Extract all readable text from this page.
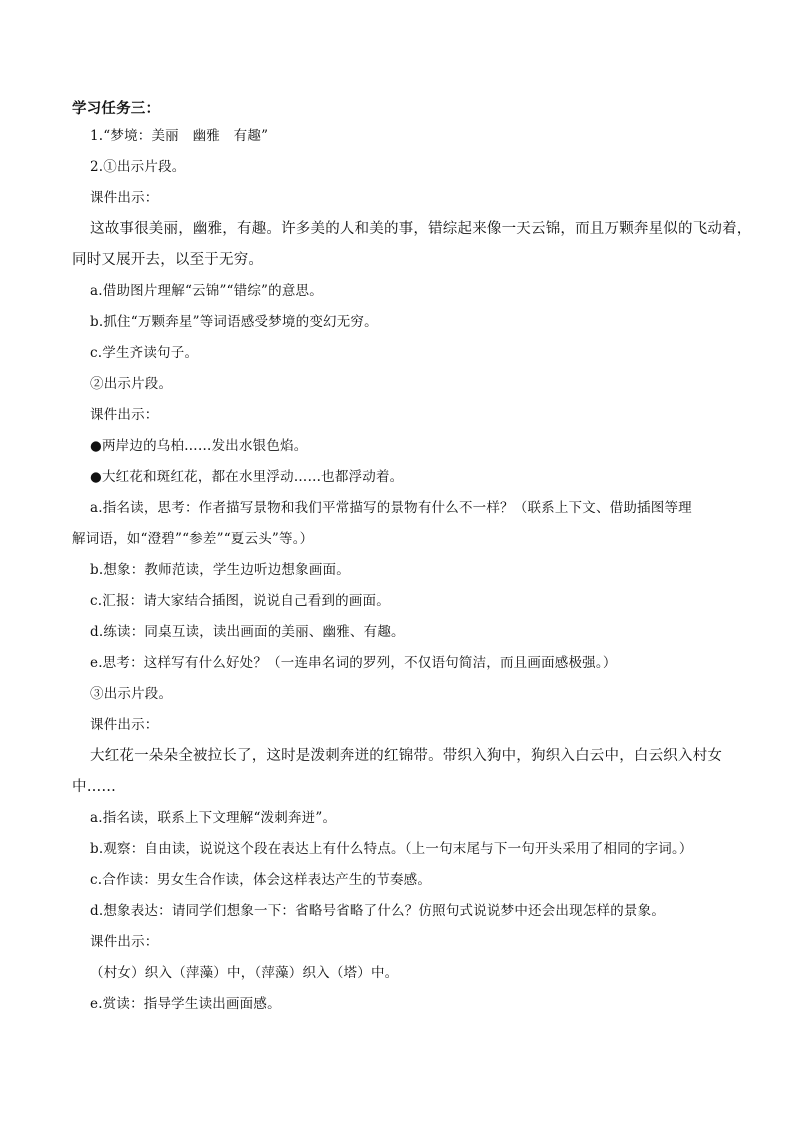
学习任务三：
1.“梦境：美丽　幽雅　有趣”
2.①出示片段。
课件出示：
这故事很美丽，幽雅，有趣。许多美的人和美的事，错综起来像一天云锦，而且万颗奔星似的飞动着，
同时又展开去，以至于无穷。
a.借助图片理解“云锦”“错综”的意思。
b.抓住“万颗奔星”等词语感受梦境的变幻无穷。
c.学生齐读句子。
②出示片段。
课件出示：
●两岸边的乌柏……发出水银色焰。
●大红花和斑红花，都在水里浮动……也都浮动着。
a.指名读，思考：作者描写景物和我们平常描写的景物有什么不一样？（联系上下文、借助插图等理
解词语，如“澄碧”“参差”“夏云头”等。）
b.想象：教师范读，学生边听边想象画面。
c.汇报：请大家结合插图，说说自己看到的画面。
d.练读：同桌互读，读出画面的美丽、幽雅、有趣。
e.思考：这样写有什么好处？（一连串名词的罗列，不仅语句简洁，而且画面感极强。）
③出示片段。
课件出示：
大红花一朵朵全被拉长了，这时是泼刺奔迸的红锦带。带织入狗中，狗织入白云中，白云织入村女
中……
a.指名读，联系上下文理解“泼刺奔迸”。
b.观察：自由读，说说这个段在表达上有什么特点。（上一句末尾与下一句开头采用了相同的字词。）
c.合作读：男女生合作读，体会这样表达产生的节奏感。
d.想象表达：请同学们想象一下：省略号省略了什么？仿照句式说说梦中还会出现怎样的景象。
课件出示：
（村女）织入（萍藻）中，（萍藻）织入（塔）中。
e.赏读：指导学生读出画面感。
